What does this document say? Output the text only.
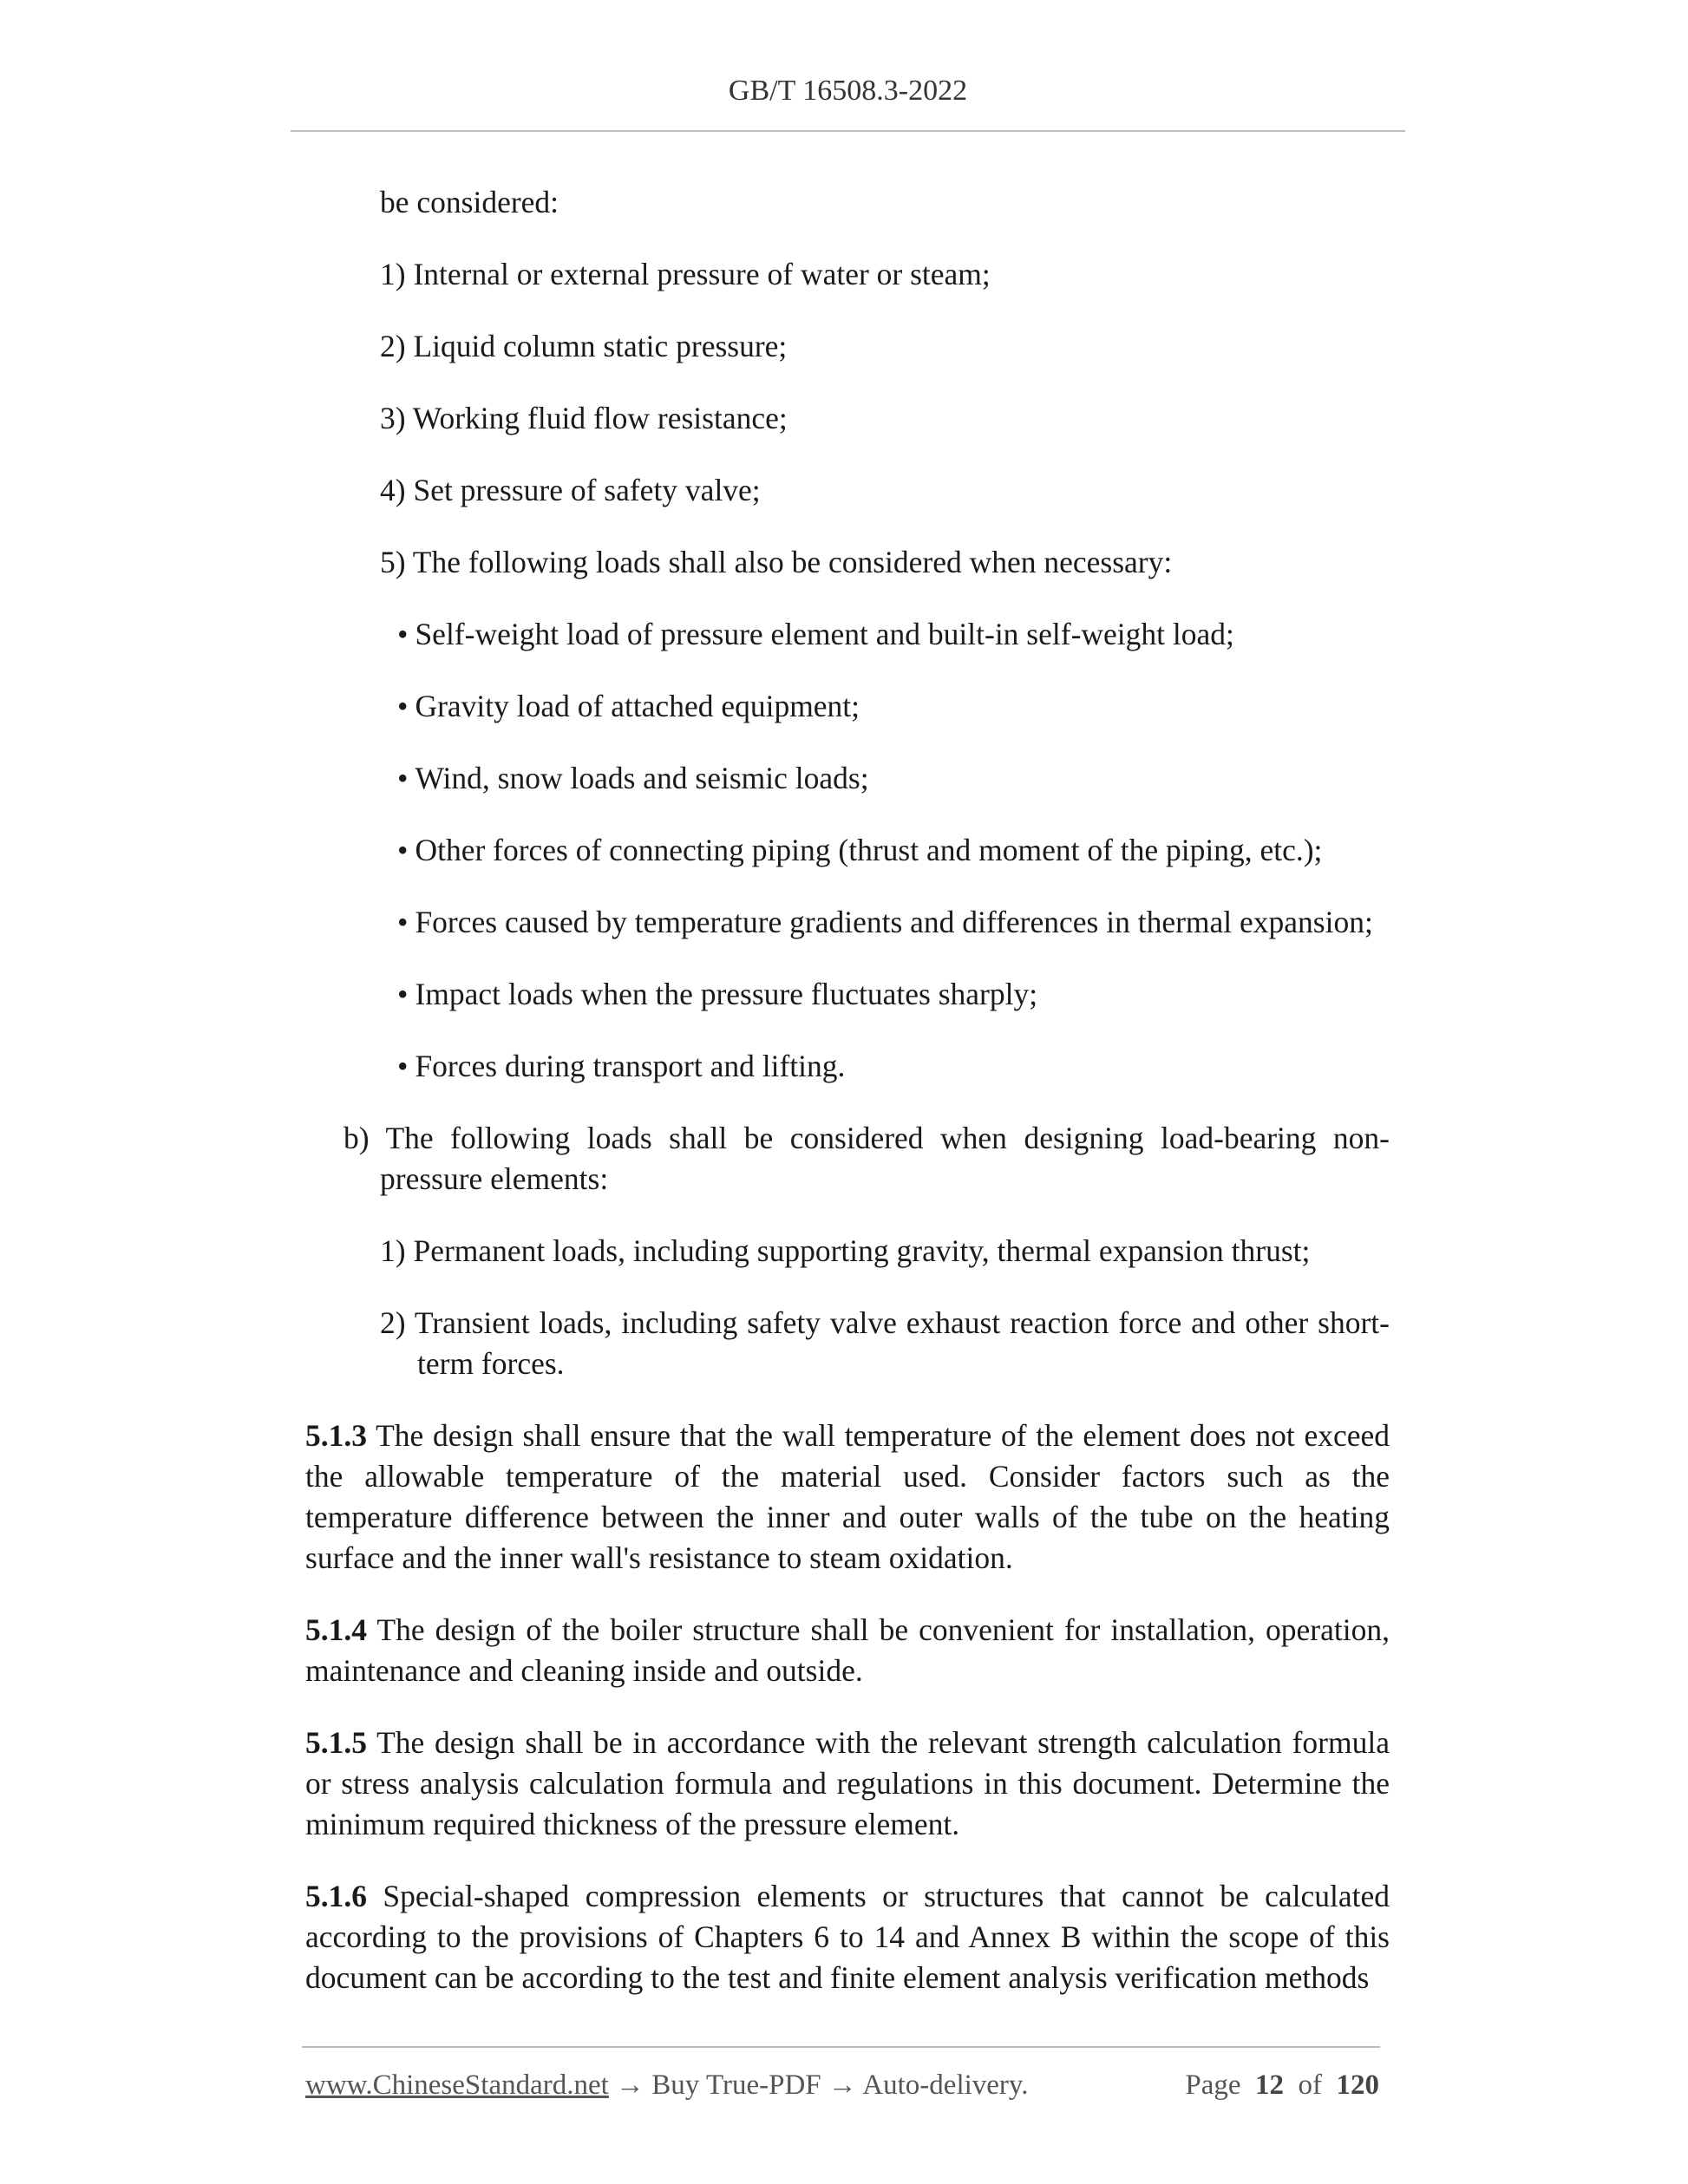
GB/T 16508.3-2022
be considered:
1) Internal or external pressure of water or steam;
2) Liquid column static pressure;
3) Working fluid flow resistance;
4) Set pressure of safety valve;
5) The following loads shall also be considered when necessary:
• Self-weight load of pressure element and built-in self-weight load;
• Gravity load of attached equipment;
• Wind, snow loads and seismic loads;
• Other forces of connecting piping (thrust and moment of the piping, etc.);
• Forces caused by temperature gradients and differences in thermal expansion;
• Impact loads when the pressure fluctuates sharply;
• Forces during transport and lifting.
b) The following loads shall be considered when designing load-bearing non-pressure elements:
1) Permanent loads, including supporting gravity, thermal expansion thrust;
2) Transient loads, including safety valve exhaust reaction force and other short-term forces.
5.1.3 The design shall ensure that the wall temperature of the element does not exceed the allowable temperature of the material used. Consider factors such as the temperature difference between the inner and outer walls of the tube on the heating surface and the inner wall's resistance to steam oxidation.
5.1.4 The design of the boiler structure shall be convenient for installation, operation, maintenance and cleaning inside and outside.
5.1.5 The design shall be in accordance with the relevant strength calculation formula or stress analysis calculation formula and regulations in this document. Determine the minimum required thickness of the pressure element.
5.1.6 Special-shaped compression elements or structures that cannot be calculated according to the provisions of Chapters 6 to 14 and Annex B within the scope of this document can be according to the test and finite element analysis verification methods
www.ChineseStandard.net → Buy True-PDF → Auto-delivery.	Page 12 of 120
